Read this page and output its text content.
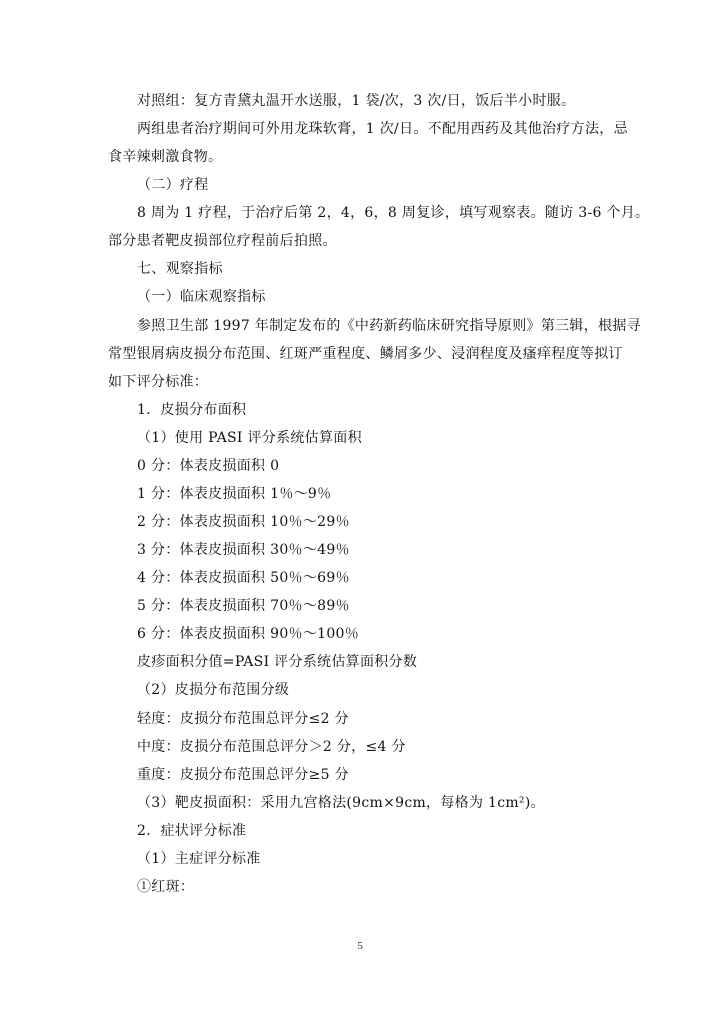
对照组：复方青黛丸温开水送服，1 袋/次，3 次/日，饭后半小时服。
两组患者治疗期间可外用龙珠软膏，1 次/日。不配用西药及其他治疗方法，忌
食辛辣刺激食物。
（二）疗程
8 周为 1 疗程，于治疗后第 2，4，6，8 周复诊，填写观察表。随访 3-6 个月。
部分患者靶皮损部位疗程前后拍照。
七、观察指标
（一）临床观察指标
参照卫生部 1997 年制定发布的《中药新药临床研究指导原则》第三辑，根据寻
常型银屑病皮损分布范围、红斑严重程度、鳞屑多少、浸润程度及瘙痒程度等拟订
如下评分标准：
1．皮损分布面积
（1）使用 PASI 评分系统估算面积
0 分：体表皮损面积 0
1 分：体表皮损面积 1％～9％
2 分：体表皮损面积 10％～29％
3 分：体表皮损面积 30％～49％
4 分：体表皮损面积 50％～69％
5 分：体表皮损面积 70％～89％
6 分：体表皮损面积 90％～100％
皮疹面积分值=PASI 评分系统估算面积分数
（2）皮损分布范围分级
轻度：皮损分布范围总评分≤2 分
中度：皮损分布范围总评分＞2 分，≤4 分
重度：皮损分布范围总评分≥5 分
（3）靶皮损面积：采用九宫格法(9cm×9cm，每格为 1cm²)。
2．症状评分标准
（1）主症评分标准
①红斑：
5
